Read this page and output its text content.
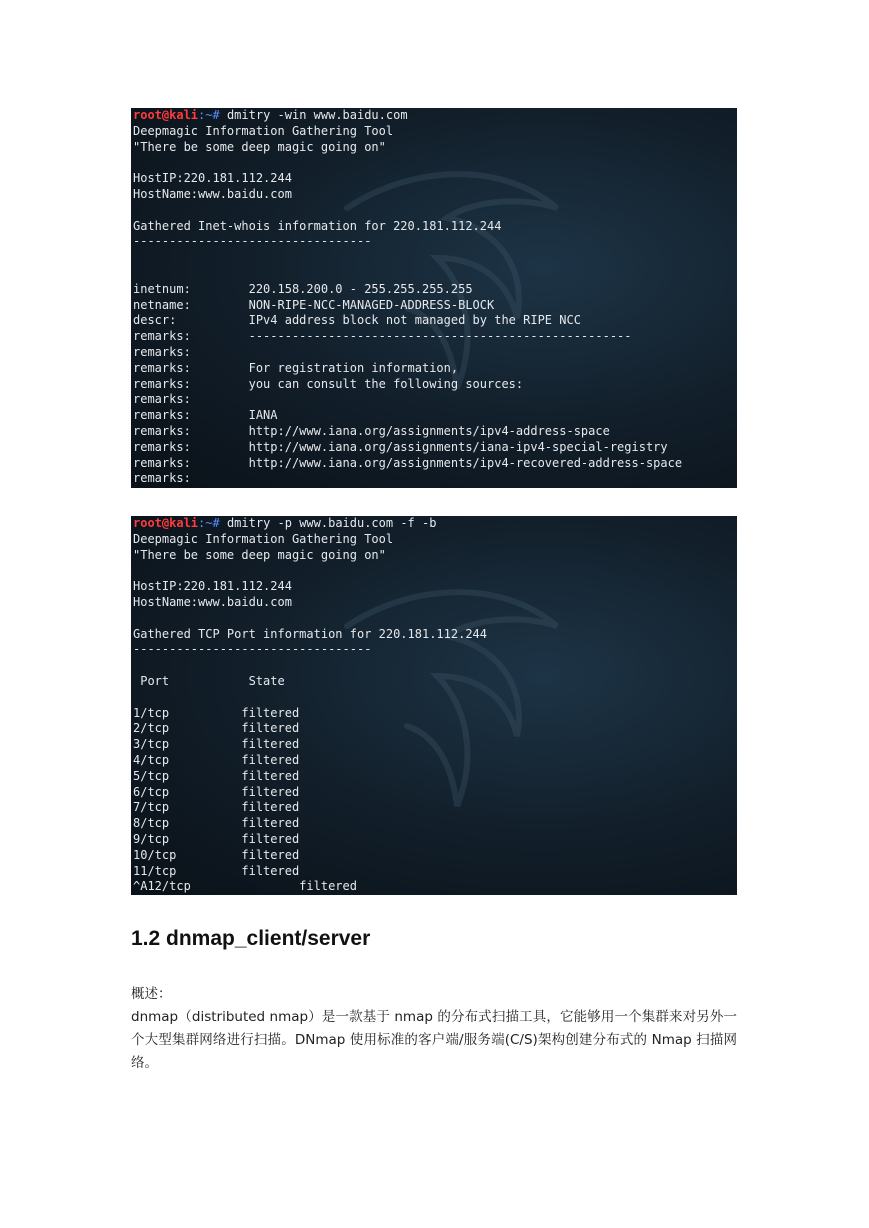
root@kali:~# dmitry -win www.baidu.com
Deepmagic Information Gathering Tool
"There be some deep magic going on"
HostIP:220.181.112.244
HostName:www.baidu.com
Gathered Inet-whois information for 220.181.112.244
---------------------------------
inetnum:        220.158.200.0 - 255.255.255.255
netname:        NON-RIPE-NCC-MANAGED-ADDRESS-BLOCK
descr:          IPv4 address block not managed by the RIPE NCC
remarks:        -----------------------------------------------------
remarks:
remarks:        For registration information,
remarks:        you can consult the following sources:
remarks:
remarks:        IANA
remarks:        http://www.iana.org/assignments/ipv4-address-space
remarks:        http://www.iana.org/assignments/iana-ipv4-special-registry
remarks:        http://www.iana.org/assignments/ipv4-recovered-address-space
remarks:
root@kali:~# dmitry -p www.baidu.com -f -b
Deepmagic Information Gathering Tool
"There be some deep magic going on"
HostIP:220.181.112.244
HostName:www.baidu.com
Gathered TCP Port information for 220.181.112.244
---------------------------------
Port           State
1/tcp          filtered
2/tcp          filtered
3/tcp          filtered
4/tcp          filtered
5/tcp          filtered
6/tcp          filtered
7/tcp          filtered
8/tcp          filtered
9/tcp          filtered
10/tcp         filtered
11/tcp         filtered
^A12/tcp               filtered
1.2 dnmap_client/server

概述：

dnmap（distributed nmap）是一款基于 nmap 的分布式扫描工具，它能够用一个集群来对另外一个大型集群网络进行扫描。DNmap 使用标准的客户端/服务端(C/S)架构创建分布式的 Nmap 扫描网络。
